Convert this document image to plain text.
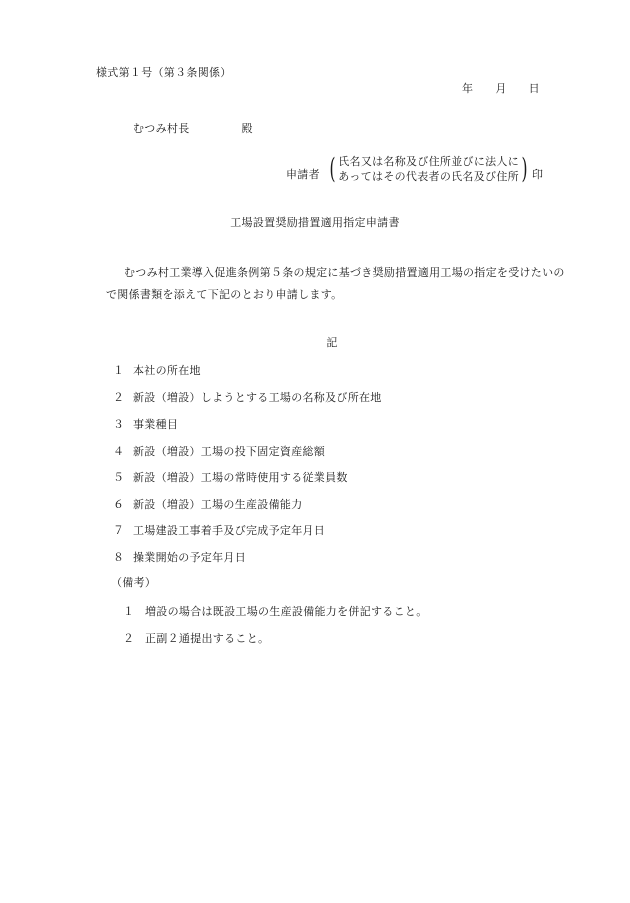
様式第１号（第３条関係）
年 月 日
むつみ村長	殿
申請者 ( 氏名又は名称及び住所並びに法人に
あってはその代表者の氏名及び住所 ) 印
工場設置奨励措置適用指定申請書
むつみ村工業導入促進条例第５条の規定に基づき奨励措置適用工場の指定を受けたいので関係書類を添えて下記のとおり申請します。
記
１ 本社の所在地
２ 新設（増設）しようとする工場の名称及び所在地
３ 事業種目
４ 新設（増設）工場の投下固定資産総額
５ 新設（増設）工場の常時使用する従業員数
６ 新設（増設）工場の生産設備能力
７ 工場建設工事着手及び完成予定年月日
８ 操業開始の予定年月日
（備考）
１ 増設の場合は既設工場の生産設備能力を併記すること。
２ 正副２通提出すること。
